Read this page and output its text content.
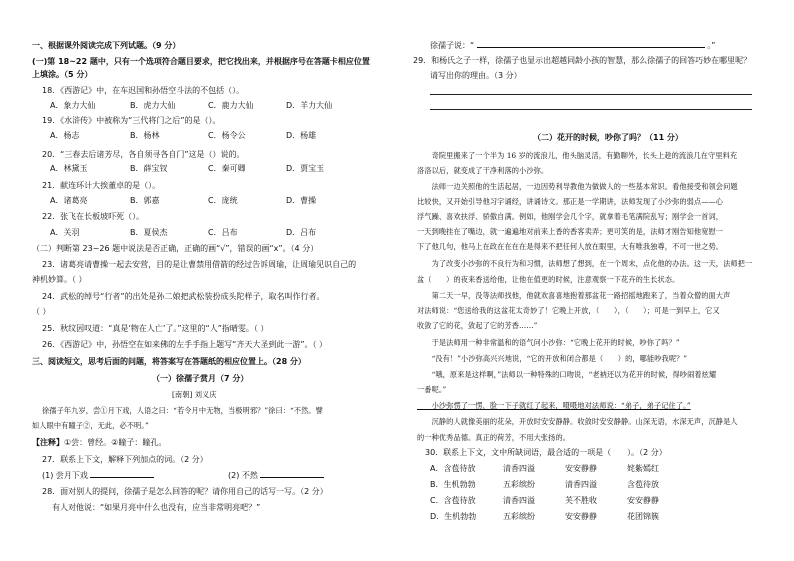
一、根据课外阅读完成下列试题。（9 分）
(一)第 18~22 题中，只有一个选项符合题目要求，把它找出来，并根据序号在答题卡相应位置
上填涂。（5 分）
18．《西游记》中，在车迟国和孙悟空斗法的不包括（）。
A．象力大仙	B．虎力大仙	C．鹿力大仙	D．羊力大仙
19．《水浒传》中被称为“三代将门之后”的是（）。
A．杨志	B．杨林	C．杨令公	D．杨雄
20．“三春去后诸芳尽，各自须寻各自门”这是（）说的。
A．林黛玉	B．薛宝钗	C．秦可卿	D．贾宝玉
21．献连环计大挨董卓的是（）。
A．诸葛亮	B．郭嘉	C．庞统	D．曹操
22．张飞在长板坡吓死（）。
A．关羽	B．夏侯杰	C．吕布	D．吕布
（二）判断第 23~26 题中说法是否正确，正确的画“√”，错误的画“x”。（4 分）
23．诸葛亮请曹操一起去安营，目的是让曹禁用借箭的经过告诉周瑜，让周瑜见识自己的
神机妙算。（ ）
24．武松的绰号“行者”的出处是孙二娘把武松装扮成头陀样子，取名叫作行者。
（ ）
25．秋纹因叹道：“真是‘物在人亡’了。”这里的“人”指晴雯。（ ）
26．《西游记》中，孙悟空在如来佛的左手手指上题写“齐天大圣到此一游”。（ ）
三、阅读短文，思考后面的问题，将答案写在答题纸的相应位置上。（28 分）
（一）徐孺子赏月（7 分）
[南朝] 刘义庆
徐孺子年九岁，尝①月下戏，人语之曰：“若令月中无物，当极明邪？”徐曰：“不然。譬
如人眼中有瞳子②，无此，必不明。”
【注释】①尝：曾经。②瞳子：瞳孔。
27．联系上下文，解释下列加点的词。（2 分）
(1) 尝月下戏	(2) 不然
28．面对别人的提问，徐孺子是怎么回答的呢？请你用自己的话写一写。（2 分）
有人对他说：“如果月亮中什么也没有，应当非常明亮吧？”
徐孺子说：“	。”
29．和杨氏之子一样，徐孺子也显示出超越同龄小孩的智慧，那么徐孺子的回答巧妙在哪里呢？
请写出你的理由。（3 分）
（二）花开的时候，吵你了吗？（11 分）
　　奇院里搬来了一个半为 16 岁的流浪儿，他头脑灵活，有勤聊外，长头上趁的流浪几在守里料充
洛洛以后，就变成了干净利落的小沙弥。
　　法师一边关照他的生活起居，一边因势利导教他为做做人的一些基本常识。看他接受和领会问题
比较快，又开始引导他习字诵经，讲诵诗文。那正是一学期讲，法师发现了小沙弥的弱点——心
浮气躁、喜欢扶浮、骄傲自满。例如，他刚学会几个字，就拿着毛笔满院乱写；刚学会一首词，
一天到晚挂在了嘴边，就一遍遍地对前来上香的香客卖弄；更可笑的是，法师才刚告知他宽慰一
下了他几句，他马上在政在在在在是得来不把任何人放在眼里，大有唯我独尊，不可一世之势。
　　为了改变小沙弥的不良行为和习惯，法师想了想到，在一个周末，点化他的办法。这一天，法师把一
盆（　　）的夜来香送给他，让他在值更的时候，注意观察一下花卉的生长状态。
　　第二天一早，没等法师找他，他就欢喜喜地抱着那盆花一路招摇地跑来了，当着众僧的面大声
对法师说：“您送给我的这盆花太奇妙了！它晚上开放，（　　），（　　）；可是一到早上，它又
收敛了它的花，敛起了它的芳香……”
　　于是法师用一种非常温和的语气问小沙弥：“它晚上花开的时候，吵你了吗？”
　　“没有！”小沙弥高兴兴地说，“它的开放和闭合都是（　　）的，哪能吵我呢？”
　　“哦，原来是这样啊，”法师以一种特殊的口吻说，“老衲还以为花开的时候，得吵闹着炫耀
一番呢。”
　　小沙弥愣了一愣，脸一下子就红了起来，嗫嗫地对法师说：“弟子，弟子记住了。”
　　沉静的人就像美丽的花朵，开放时安安静静。收敛时安安静静。山深无语，水深无声，沉静是人
的一种优秀品德。真正的荷芳，不用大张扬的。
30．联系上下文，文中所缺词语，最合适的一项是（　　）。（2 分）
A．含苞待放	清香四溢	安安静静	姹紫嫣红
B．生机勃勃	五彩缤纷	清香四溢	含苞待放
C．含苞待放	清香四溢	芙不胜收	安安静静
D．生机勃勃	五彩缤纷	安安静静	花团锦簇
